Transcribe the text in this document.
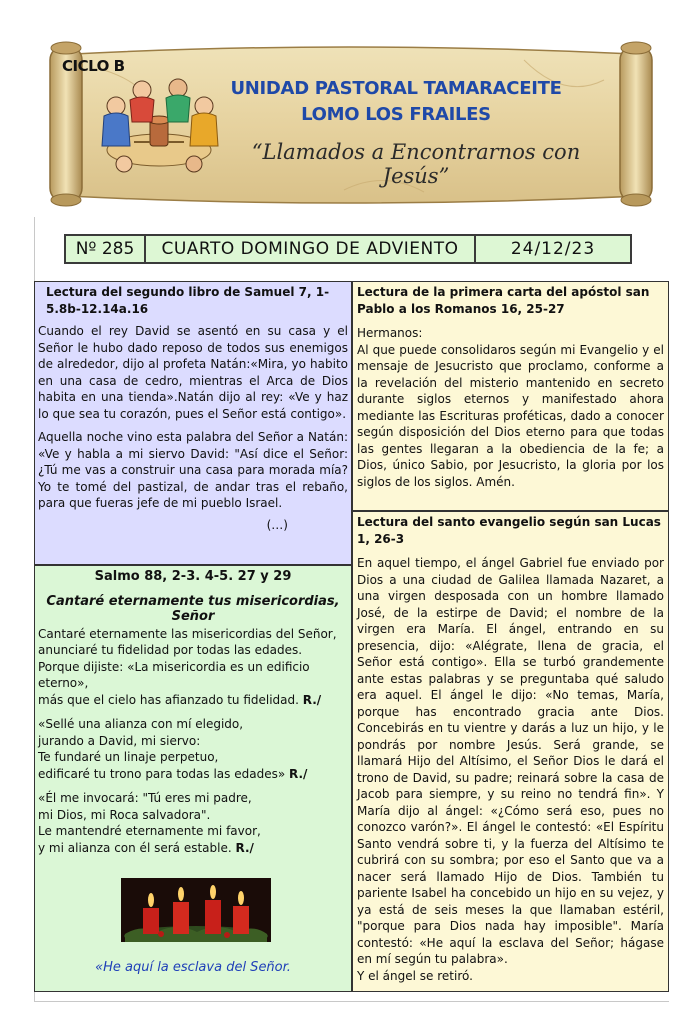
CICLO B
UNIDAD PASTORAL TAMARACEITE
LOMO LOS FRAILES
“Llamados a Encontrarnos con Jesús”
Nº 285	CUARTO DOMINGO DE ADVIENTO	24/12/23

Lectura del segundo libro de Samuel 7, 1-5.8b-12.14a.16

Cuando el rey David se asentó en su casa y el Señor le hubo dado reposo de todos sus enemigos de alrededor, dijo al profeta Natán:«Mira, yo habito en una casa de cedro, mientras el Arca de Dios habita en una tienda».Natán dijo al rey: «Ve y haz lo que sea tu corazón, pues el Señor está contigo».

Aquella noche vino esta palabra del Señor a Natán: «Ve y habla a mi siervo David: "Así dice el Señor: ¿Tú me vas a construir una casa para morada mía? Yo te tomé del pastizal, de andar tras el rebaño, para que fueras jefe de mi pueblo Israel.

(…)

Salmo 88, 2-3. 4-5. 27 y 29

Cantaré eternamente tus misericordias, Señor

Cantaré eternamente las misericordias del Señor,
anunciaré tu fidelidad por todas las edades.
Porque dijiste: «La misericordia es un edificio eterno»,
más que el cielo has afianzado tu fidelidad. R./

«Sellé una alianza con mí elegido,
jurando a David, mi siervo:
Te fundaré un linaje perpetuo,
edificaré tu trono para todas las edades» R./

«Él me invocará: "Tú eres mi padre,
mi Dios, mi Roca salvadora".
Le mantendré eternamente mi favor,
y mi alianza con él será estable. R./

«He aquí la esclava del Señor.

Lectura de la primera carta del apóstol san Pablo a los Romanos 16, 25-27

Hermanos:

Al que puede consolidaros según mi Evangelio y el mensaje de Jesucristo que proclamo, conforme a la revelación del misterio mantenido en secreto durante siglos eternos y manifestado ahora mediante las Escrituras proféticas, dado a conocer según disposición del Dios eterno para que todas las gentes llegaran a la obediencia de la fe; a Dios, único Sabio, por Jesucristo, la gloria por los siglos de los siglos. Amén.

Lectura del santo evangelio según san Lucas 1, 26-3

En aquel tiempo, el ángel Gabriel fue enviado por Dios a una ciudad de Galilea llamada Nazaret, a una virgen desposada con un hombre llamado José, de la estirpe de David; el nombre de la virgen era María. El ángel, entrando en su presencia, dijo: «Alégrate, llena de gracia, el Señor está contigo». Ella se turbó grandemente ante estas palabras y se preguntaba qué saludo era aquel. El ángel le dijo: «No temas, María, porque has encontrado gracia ante Dios. Concebirás en tu vientre y darás a luz un hijo, y le pondrás por nombre Jesús. Será grande, se llamará Hijo del Altísimo, el Señor Dios le dará el trono de David, su padre; reinará sobre la casa de Jacob para siempre, y su reino no tendrá fin». Y María dijo al ángel: «¿Cómo será eso, pues no conozco varón?». El ángel le contestó: «El Espíritu Santo vendrá sobre ti, y la fuerza del Altísimo te cubrirá con su sombra; por eso el Santo que va a nacer será llamado Hijo de Dios. También tu pariente Isabel ha concebido un hijo en su vejez, y ya está de seis meses la que llamaban estéril, "porque para Dios nada hay imposible". María contestó: «He aquí la esclava del Señor; hágase en mí según tu palabra».

Y el ángel se retiró.
